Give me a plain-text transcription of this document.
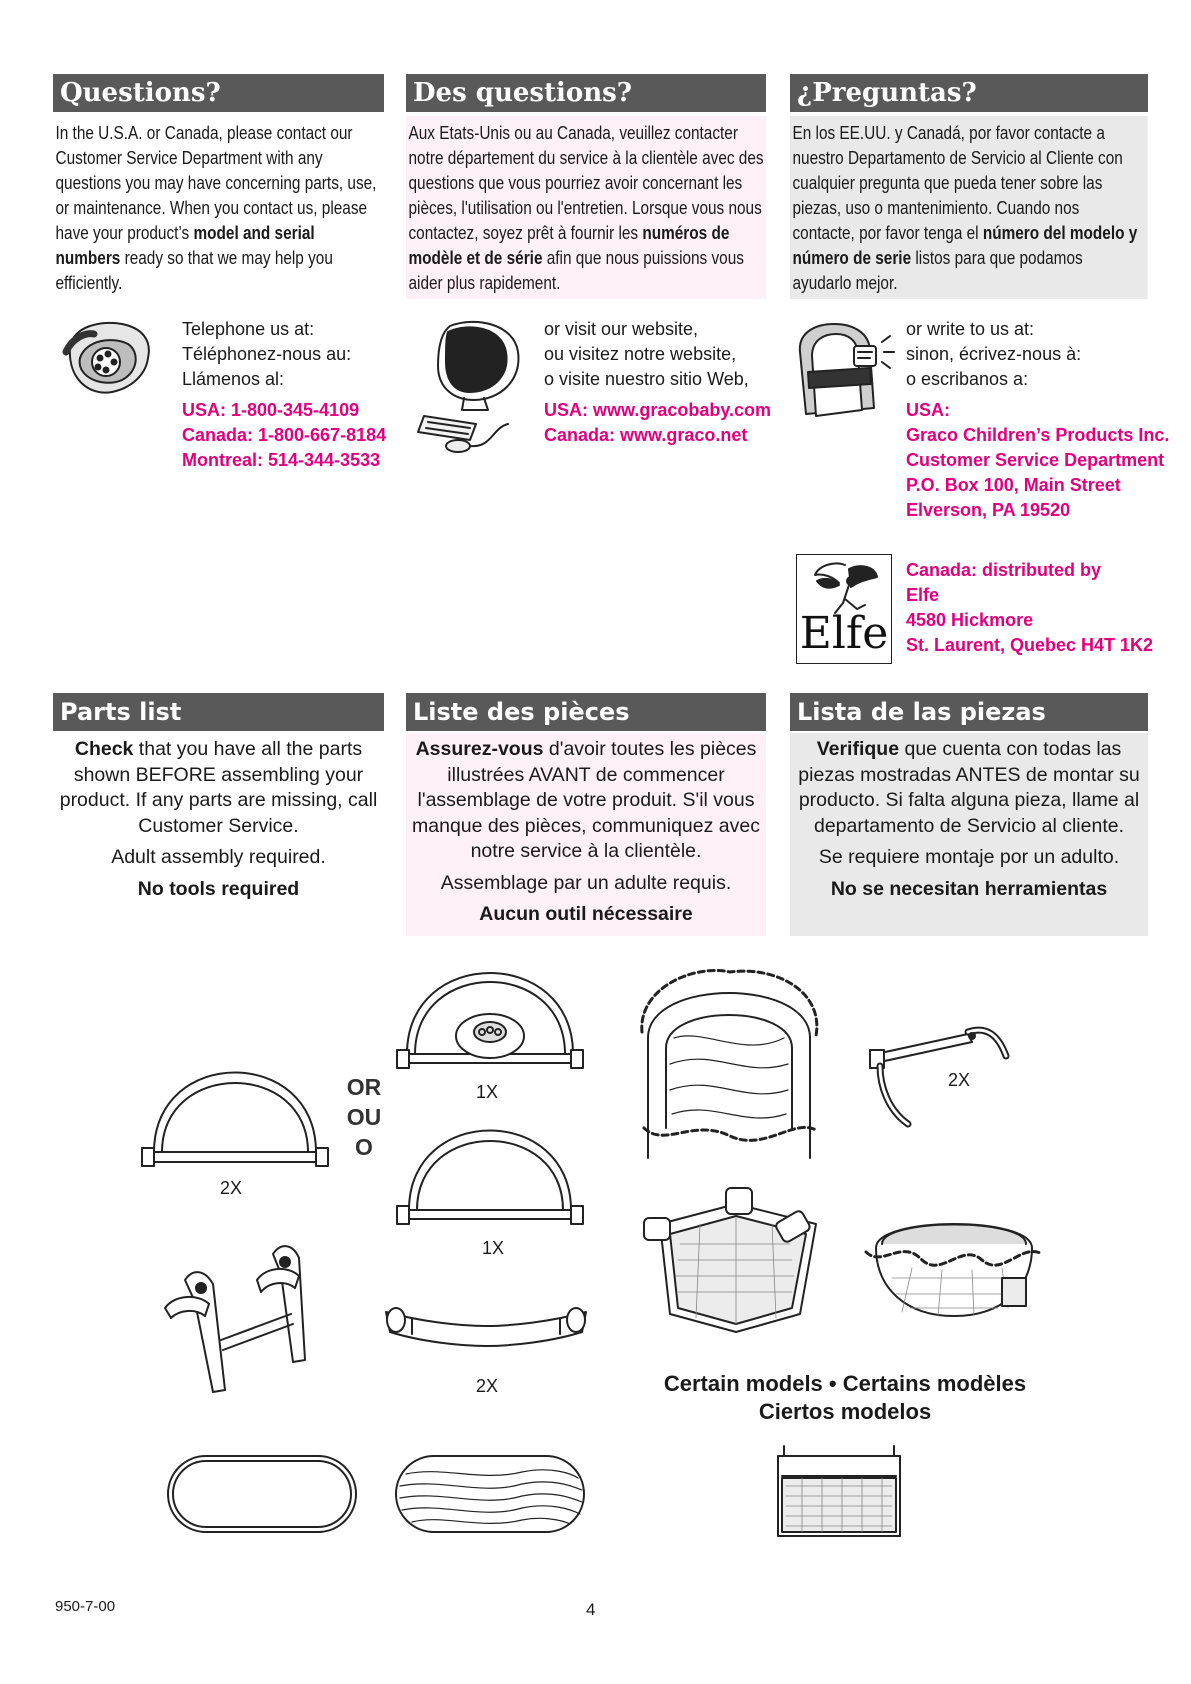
Questions?	Des questions?	¿Preguntas?
In the U.S.A. or Canada, please contact our Customer Service Department with any questions you may have concerning parts, use, or maintenance. When you contact us, please have your product’s model and serial numbers ready so that we may help you efficiently.
Aux Etats-Unis ou au Canada, veuillez contacter notre département du service à la clientèle avec des questions que vous pourriez avoir concernant les pièces, l'utilisation ou l'entretien. Lorsque vous nous contactez, soyez prêt à fournir les numéros de modèle et de série afin que nous puissions vous aider plus rapidement.
En los EE.UU. y Canadá, por favor contacte a nuestro Departamento de Servicio al Cliente con cualquier pregunta que pueda tener sobre las piezas, uso o mantenimiento. Cuando nos contacte, por favor tenga el número del modelo y número de serie listos para que podamos ayudarlo mejor.
Telephone us at:
Téléphonez-nous au:
Llámenos al:
USA: 1-800-345-4109
Canada: 1-800-667-8184
Montreal: 514-344-3533
or visit our website,
ou visitez notre website,
o visite nuestro sitio Web,
USA: www.gracobaby.com
Canada: www.graco.net
or write to us at:
sinon, écrivez-nous à:
o escribanos a:
USA:
Graco Children’s Products Inc.
Customer Service Department
P.O. Box 100, Main Street
Elverson, PA 19520
Elfe
Canada: distributed by
Elfe
4580 Hickmore
St. Laurent, Quebec H4T 1K2
Parts list	Liste des pièces	Lista de las piezas

Check that you have all the parts shown BEFORE assembling your product. If any parts are missing, call Customer Service.

Adult assembly required.

No tools required

Assurez-vous d'avoir toutes les pièces illustrées AVANT de commencer l'assemblage de votre produit. S'il vous manque des pièces, communiquez avec notre service à la clientèle.

Assemblage par un adulte requis.

Aucun outil nécessaire

Verifique que cuenta con todas las piezas mostradas ANTES de montar su producto. Si falta alguna pieza, llame al departamento de Servicio al cliente.

Se requiere montaje por un adulto.

No se necesitan herramientas

2X
OR
OU
O
1X
1X
2X
2X
Certain models • Certains modèles
Ciertos modelos
950-7-00	4
